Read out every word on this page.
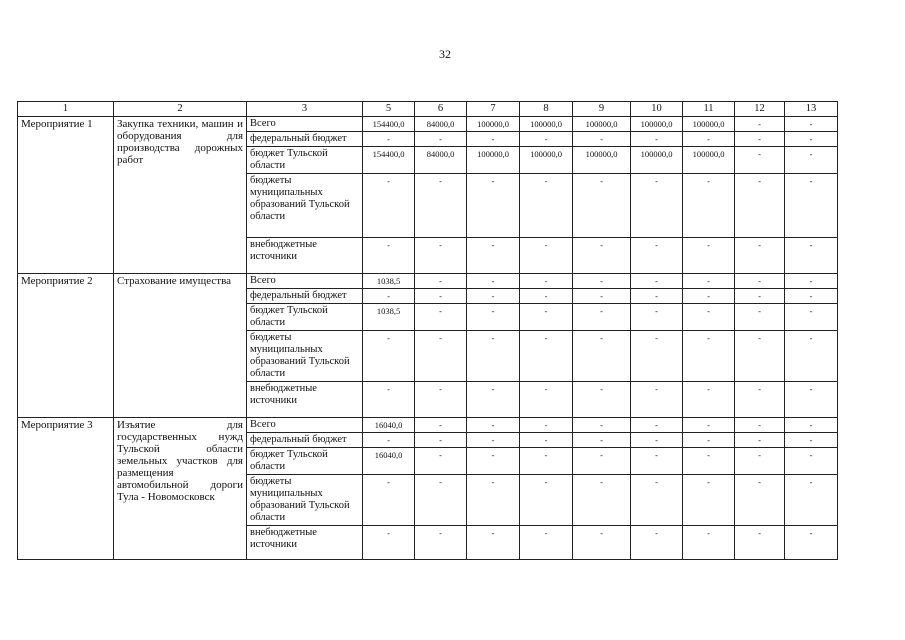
32
1	2	3	5	6	7	8	9	10	11	12	13
Мероприятие 1	Закупка техники, машин и оборудования для производства дорожных работ	Всего	154400,0	84000,0	100000,0	100000,0	100000,0	100000,0	100000,0	-	-
		федеральный бюджет	-	-	-	-	-	-	-	-	-
		бюджет Тульской области	154400,0	84000,0	100000,0	100000,0	100000,0	100000,0	100000,0	-	-
		бюджеты муниципальных образований Тульской области	-	-	-	-	-	-	-	-	-
		внебюджетные источники	-	-	-	-	-	-	-	-	-
Мероприятие 2	Страхование имущества	Всего	1038,5	-	-	-	-	-	-	-	-
		федеральный бюджет	-	-	-	-	-	-	-	-	-
		бюджет Тульской области	1038,5	-	-	-	-	-	-	-	-
		бюджеты муниципальных образований Тульской области	-	-	-	-	-	-	-	-	-
		внебюджетные источники	-	-	-	-	-	-	-	-	-
Мероприятие 3	Изъятие для государственных нужд Тульской области земельных участков для размещения автомобильной дороги Тула - Новомосковск	Всего	16040,0	-	-	-	-	-	-	-	-
		федеральный бюджет	-	-	-	-	-	-	-	-	-
		бюджет Тульской области	16040,0	-	-	-	-	-	-	-	-
		бюджеты муниципальных образований Тульской области	-	-	-	-	-	-	-	-	-
		внебюджетные источники	-	-	-	-	-	-	-	-	-
